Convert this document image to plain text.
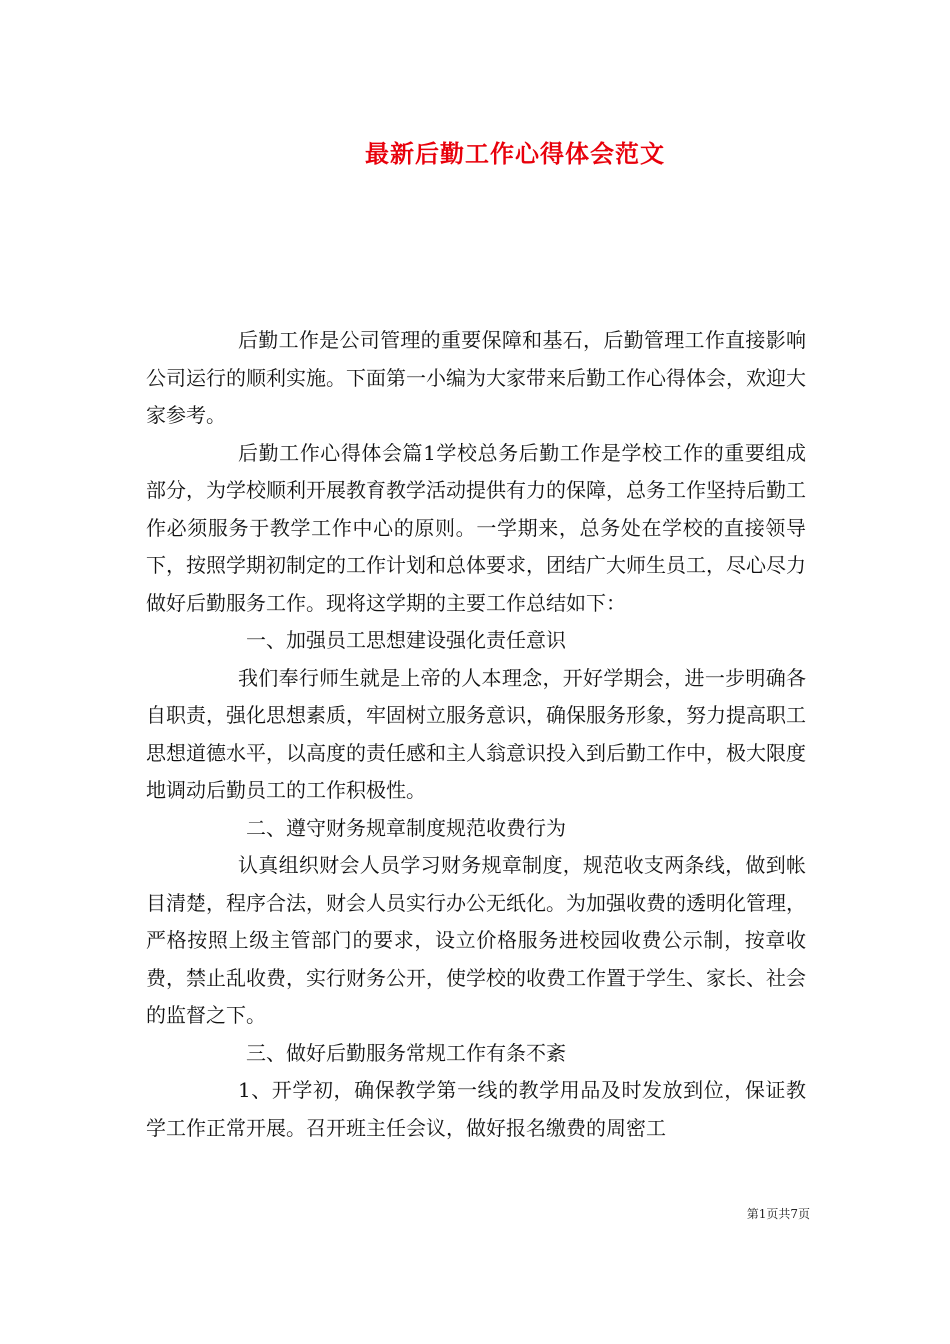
最新后勤工作心得体会范文

后勤工作是公司管理的重要保障和基石，后勤管理工作直接影响公司运行的顺利实施。下面第一小编为大家带来后勤工作心得体会，欢迎大家参考。

后勤工作心得体会篇1学校总务后勤工作是学校工作的重要组成部分，为学校顺利开展教育教学活动提供有力的保障，总务工作坚持后勤工作必须服务于教学工作中心的原则。一学期来，总务处在学校的直接领导下，按照学期初制定的工作计划和总体要求，团结广大师生员工，尽心尽力做好后勤服务工作。现将这学期的主要工作总结如下：

一、加强员工思想建设强化责任意识

我们奉行师生就是上帝的人本理念，开好学期会，进一步明确各自职责，强化思想素质，牢固树立服务意识，确保服务形象，努力提高职工思想道德水平，以高度的责任感和主人翁意识投入到后勤工作中，极大限度地调动后勤员工的工作积极性。

二、遵守财务规章制度规范收费行为

认真组织财会人员学习财务规章制度，规范收支两条线，做到帐目清楚，程序合法，财会人员实行办公无纸化。为加强收费的透明化管理，严格按照上级主管部门的要求，设立价格服务进校园收费公示制，按章收费，禁止乱收费，实行财务公开，使学校的收费工作置于学生、家长、社会的监督之下。

三、做好后勤服务常规工作有条不紊

1、开学初，确保教学第一线的教学用品及时发放到位，保证教学工作正常开展。召开班主任会议，做好报名缴费的周密工

第1页共7页
